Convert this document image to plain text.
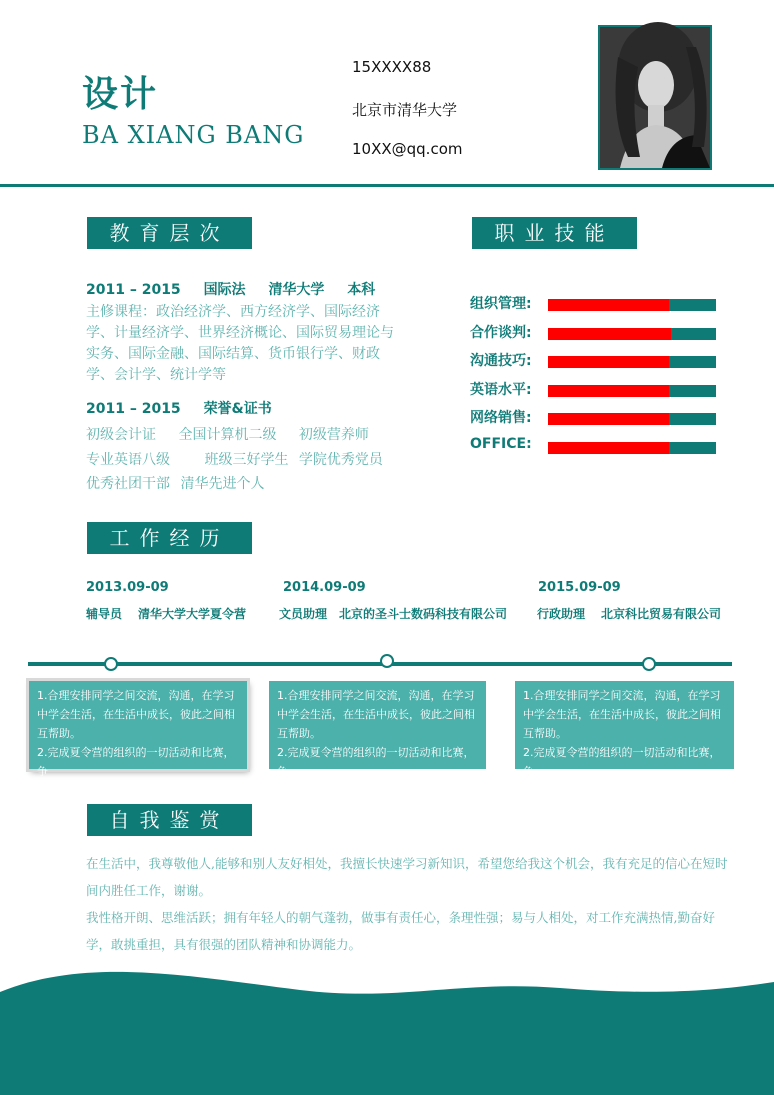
设计
BA XIANG BANG
15XXXX88
北京市清华大学
10XX@qq.com
教育层次
2011 – 2015 国际法 清华大学 本科
主修课程：政治经济学、西方经济学、国际经济学、计量经济学、世界经济概论、国际贸易理论与实务、国际金融、国际结算、货币银行学、财政学、会计学、统计学等
2011 – 2015 荣誉&证书
初级会计证 全国计算机二级 初级营养师
专业英语八级 班级三好学生 学院优秀党员
优秀社团干部 清华先进个人
职业技能
组织管理:
合作谈判:
沟通技巧:
英语水平:
网络销售:
OFFICE:
工作经历
2013.09-09
辅导员 清华大学大学夏令营
2014.09-09
文员助理 北京的圣斗士数码科技有限公司
2015.09-09
行政助理 北京科比贸易有限公司

1.合理安排同学之间交流，沟通，在学习中学会生活，在生活中成长，彼此之间相互帮助。

2.完成夏令营的组织的一切活动和比赛，争

1.合理安排同学之间交流，沟通，在学习中学会生活，在生活中成长，彼此之间相互帮助。

2.完成夏令营的组织的一切活动和比赛，争

1.合理安排同学之间交流，沟通，在学习中学会生活，在生活中成长，彼此之间相互帮助。

2.完成夏令营的组织的一切活动和比赛，争

自我鉴赏
在生活中，我尊敬他人,能够和别人友好相处，我擅长快速学习新知识，希望您给我这个机会，我有充足的信心在短时间内胜任工作，谢谢。
我性格开朗、思维活跃；拥有年轻人的朝气蓬勃，做事有责任心，条理性强；易与人相处，对工作充满热情,勤奋好学，敢挑重担，具有很强的团队精神和协调能力。
